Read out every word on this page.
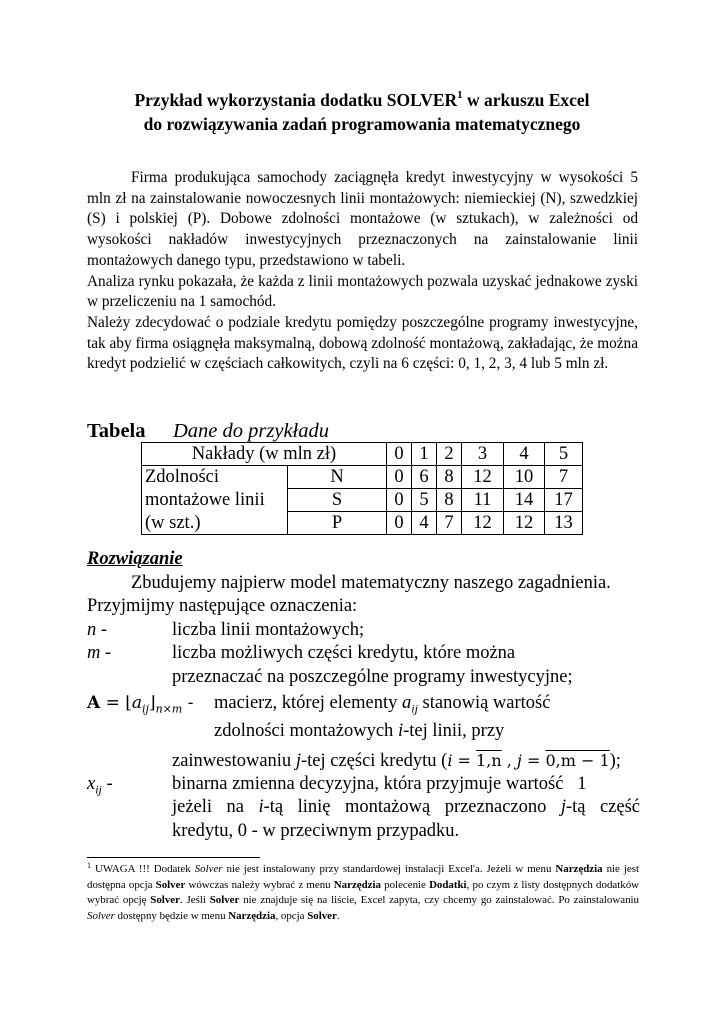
Przykład wykorzystania dodatku SOLVER$^1$ w arkuszu Excel
do rozwiązywania zadań programowania matematycznego

Firma produkująca samochody zaciągnęła kredyt inwestycyjny w wysokości 5 mln zł na zainstalowanie nowoczesnych linii montażowych: niemieckiej (N), szwedzkiej (S) i polskiej (P). Dobowe zdolności montażowe (w sztukach), w zależności od wysokości nakładów inwestycyjnych przeznaczonych na zainstalowanie linii montażowych danego typu, przedstawiono w tabeli.

Analiza rynku pokazała, że każda z linii montażowych pozwala uzyskać jednakowe zyski w przeliczeniu na 1 samochód.

Należy zdecydować o podziale kredytu pomiędzy poszczególne programy inwestycyjne, tak aby firma osiągnęła maksymalną, dobową zdolność montażową, zakładając, że można kredyt podzielić w częściach całkowitych, czyli na 6 części: 0, 1, 2, 3, 4 lub 5 mln zł.

Tabela Dane do przykładu
Nakłady (w mln zł)		0	1	2	3	4	5
Zdolności	N	0	6	8	12	10	7
montażowe linii	S	0	5	8	11	14	17
(w szt.)	P	0	4	7	12	12	13
Rozwiązanie
Zbudujemy najpierw model matematyczny naszego zagadnienia.
Przyjmijmy następujące oznaczenia:
n -	liczba linii montażowych;
m -	liczba możliwych części kredytu, które można
przeznaczać na poszczególne programy inwestycyjne;
$A = ⌊a_{ij}⌋_{n\times m}$ - macierz, której elementy $a_{ij}$ stanowią wartość
zdolności montażowych i-tej linii, przy
zainwestowaniu j-tej części kredytu (i = 1,n , j = 0,m − 1);
$x_{ij}$ -	binarna zmienna decyzyjna, która przyjmuje wartość   1
jeżeli na i-tą linię montażową przeznaczono j-tą część
kredytu, 0 - w przeciwnym przypadku.
$^1$ UWAGA !!! Dodatek Solver nie jest instalowany przy standardowej instalacji Excel'a. Jeżeli w menu Narzędzia nie jest dostępna opcja Solver wówczas należy wybrać z menu Narzędzia polecenie Dodatki, po czym z listy dostępnych dodatków wybrać opcję Solver. Jeśli Solver nie znajduje się na liście, Excel zapyta, czy chcemy go zainstalować. Po zainstalowaniu Solver dostępny będzie w menu Narzędzia, opcja Solver.
